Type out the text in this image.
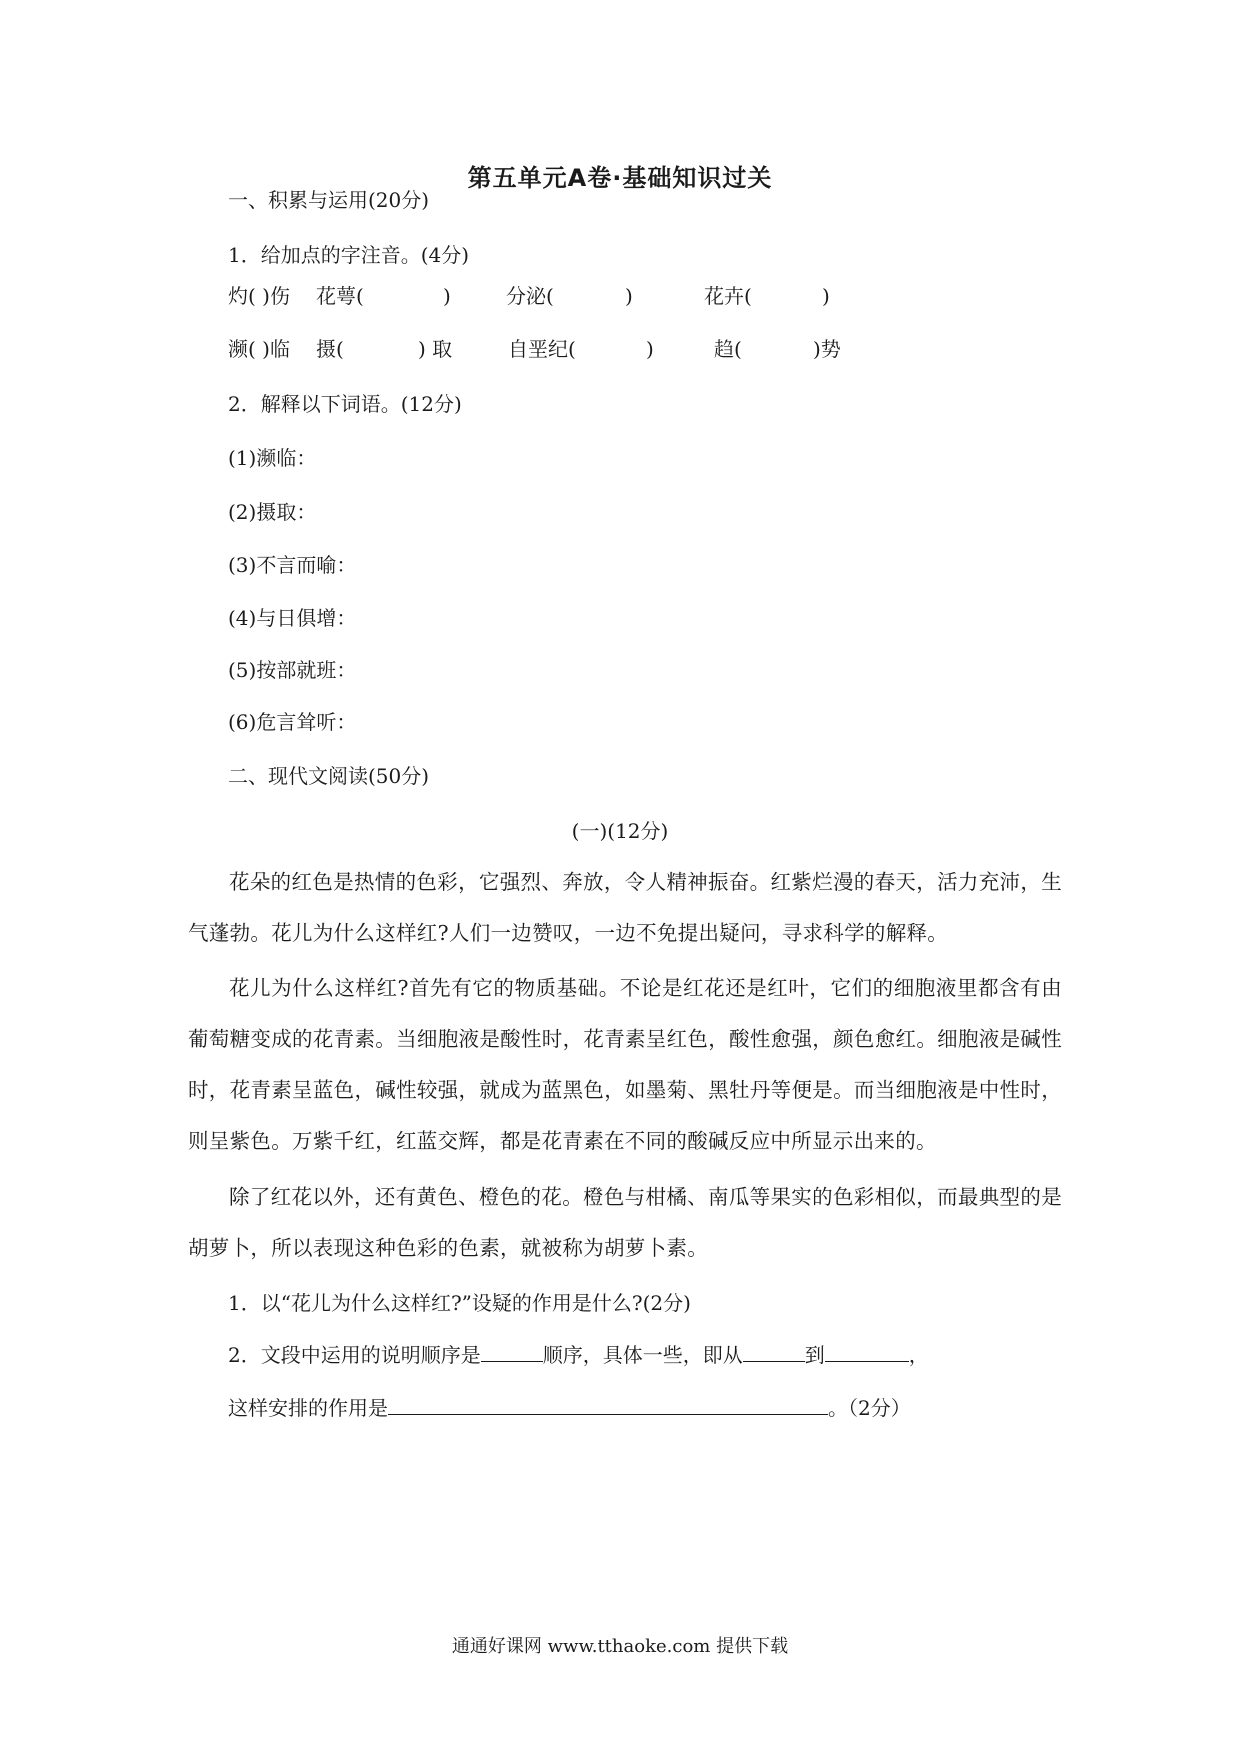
第五单元A卷·基础知识过关
一、积累与运用(20分)
1．给加点的字注音。(4分)
灼( )伤 花萼(	)	分泌(	)	花卉(	)
濒( )临 摄(	) 取	自垩纪(	)	趋(	)势
2．解释以下词语。(12分)
(1)濒临：
(2)摄取：
(3)不言而喻：
(4)与日俱增：
(5)按部就班：
(6)危言耸听：
二、现代文阅读(50分)
(一)(12分)
花朵的红色是热情的色彩，它强烈、奔放，令人精神振奋。红紫烂漫的春天，活力充沛，生气蓬勃。花儿为什么这样红?人们一边赞叹，一边不免提出疑问，寻求科学的解释。
花儿为什么这样红?首先有它的物质基础。不论是红花还是红叶，它们的细胞液里都含有由葡萄糖变成的花青素。当细胞液是酸性时，花青素呈红色，酸性愈强，颜色愈红。细胞液是碱性时，花青素呈蓝色，碱性较强，就成为蓝黑色，如墨菊、黑牡丹等便是。而当细胞液是中性时，则呈紫色。万紫千红，红蓝交辉，都是花青素在不同的酸碱反应中所显示出来的。
除了红花以外，还有黄色、橙色的花。橙色与柑橘、南瓜等果实的色彩相似，而最典型的是胡萝卜，所以表现这种色彩的色素，就被称为胡萝卜素。
1．以“花儿为什么这样红?”设疑的作用是什么?(2分)
2．文段中运用的说明顺序是	顺序，具体一些，即从	到	，
这样安排的作用是	。（2分）
通通好课网 www.tthaoke.com 提供下载
